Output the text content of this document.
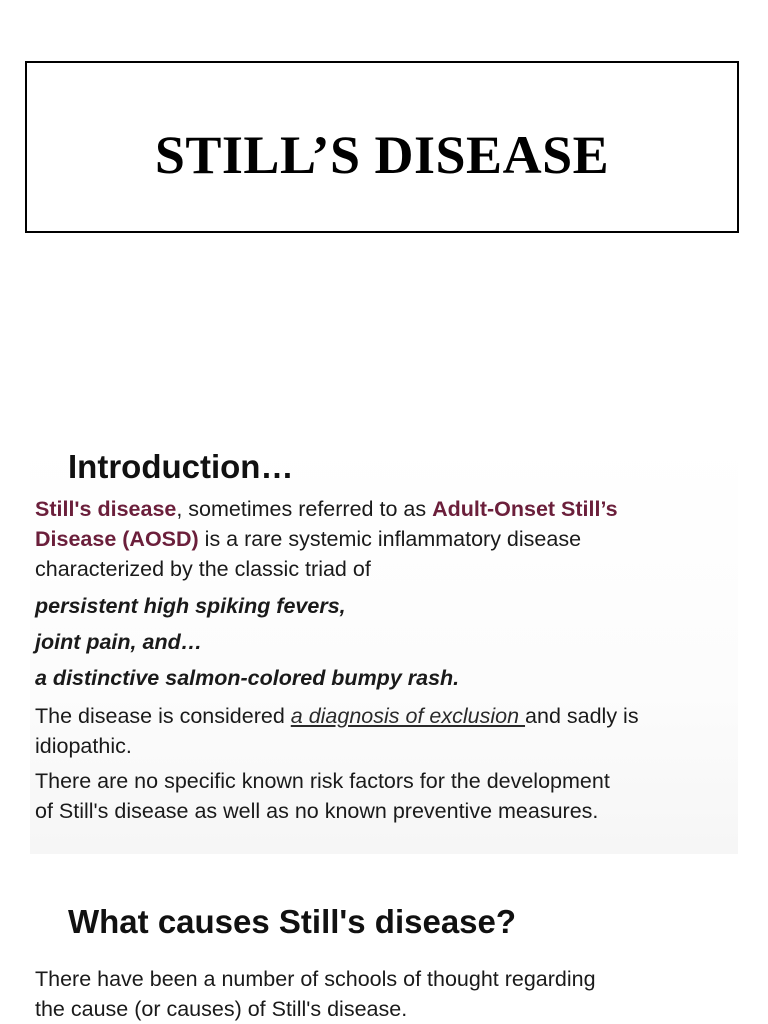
STILL’S DISEASE
Introduction…

Still's disease, sometimes referred to as Adult-Onset Still’s
Disease (AOSD) is a rare systemic inflammatory disease
characterized by the classic triad of

persistent high spiking fevers,

joint pain, and…

a distinctive salmon-colored bumpy rash.

The disease is considered a diagnosis of exclusion and sadly is
idiopathic.

There are no specific known risk factors for the development
of Still's disease as well as no known preventive measures.

What causes Still's disease?

There have been a number of schools of thought regarding
the cause (or causes) of Still's disease.
